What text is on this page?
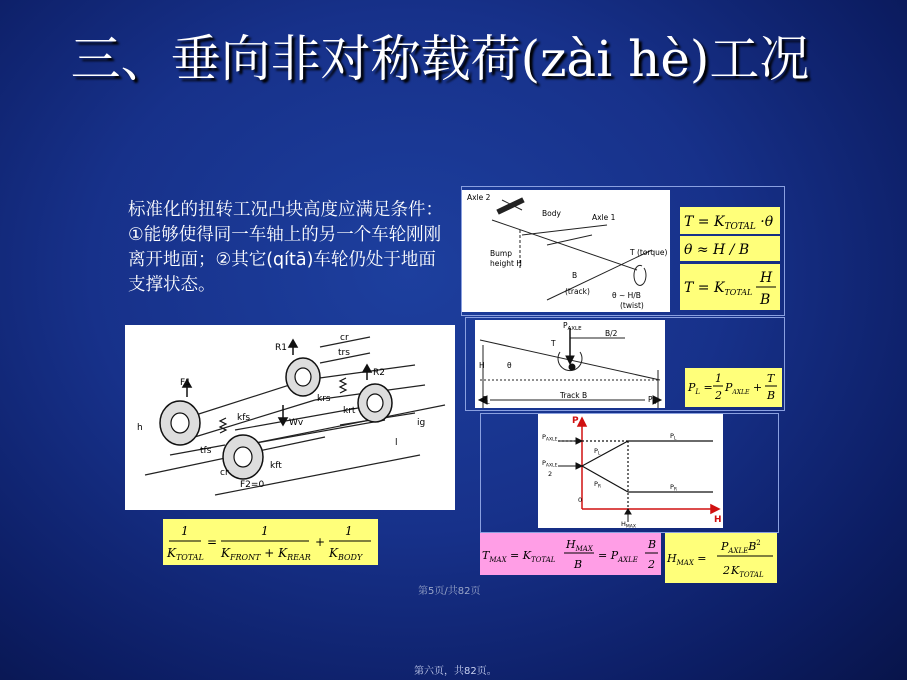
三、垂向非对称载荷(zài hè)工况
标准化的扭转工况凸块高度应满足条件：①能够使得同一车轴上的另一个车轮刚刚离开地面；②其它(qítā)车轮仍处于地面支撑状态。
F1
R1
R2
cr
trs
krs
krt
kfs
kft
Wv
h	ig
l
tfs
cr
F2=0
1
$K_{TOTAL}$
=
1
$K_{FRONT} + K_{REAR}$
+
1
$K_{BODY}$
Axle 2
Body	Axle 1
Bump
height H
T (torque)
B
(track)	θ ~ H/B
(twist)
$T = K_{TOTAL} \cdot\theta$
θ ≈ H / B
$T = K_{TOTAL}$
H
B
$P_{AXLE}$
T
B/2
H	θ
Track B
$P_L$	$P_R$
$P_L$ =
1
2
$P_{AXLE}$ +
T
B
P
H
$P_{AXLE}$
$P_{AXLE}$
2
$P_L$
$P_R$
$P_L$
$P_R$
0
$H_{MAX}$
$T_{MAX} = K_{TOTAL}$
$H_{MAX}$
B
= $P_{AXLE}$
B
2 $H_{MAX}$ =
$P_{AXLE}B^2$
2 $K_{TOTAL}$
第5页/共82页
第六页，共82页。
